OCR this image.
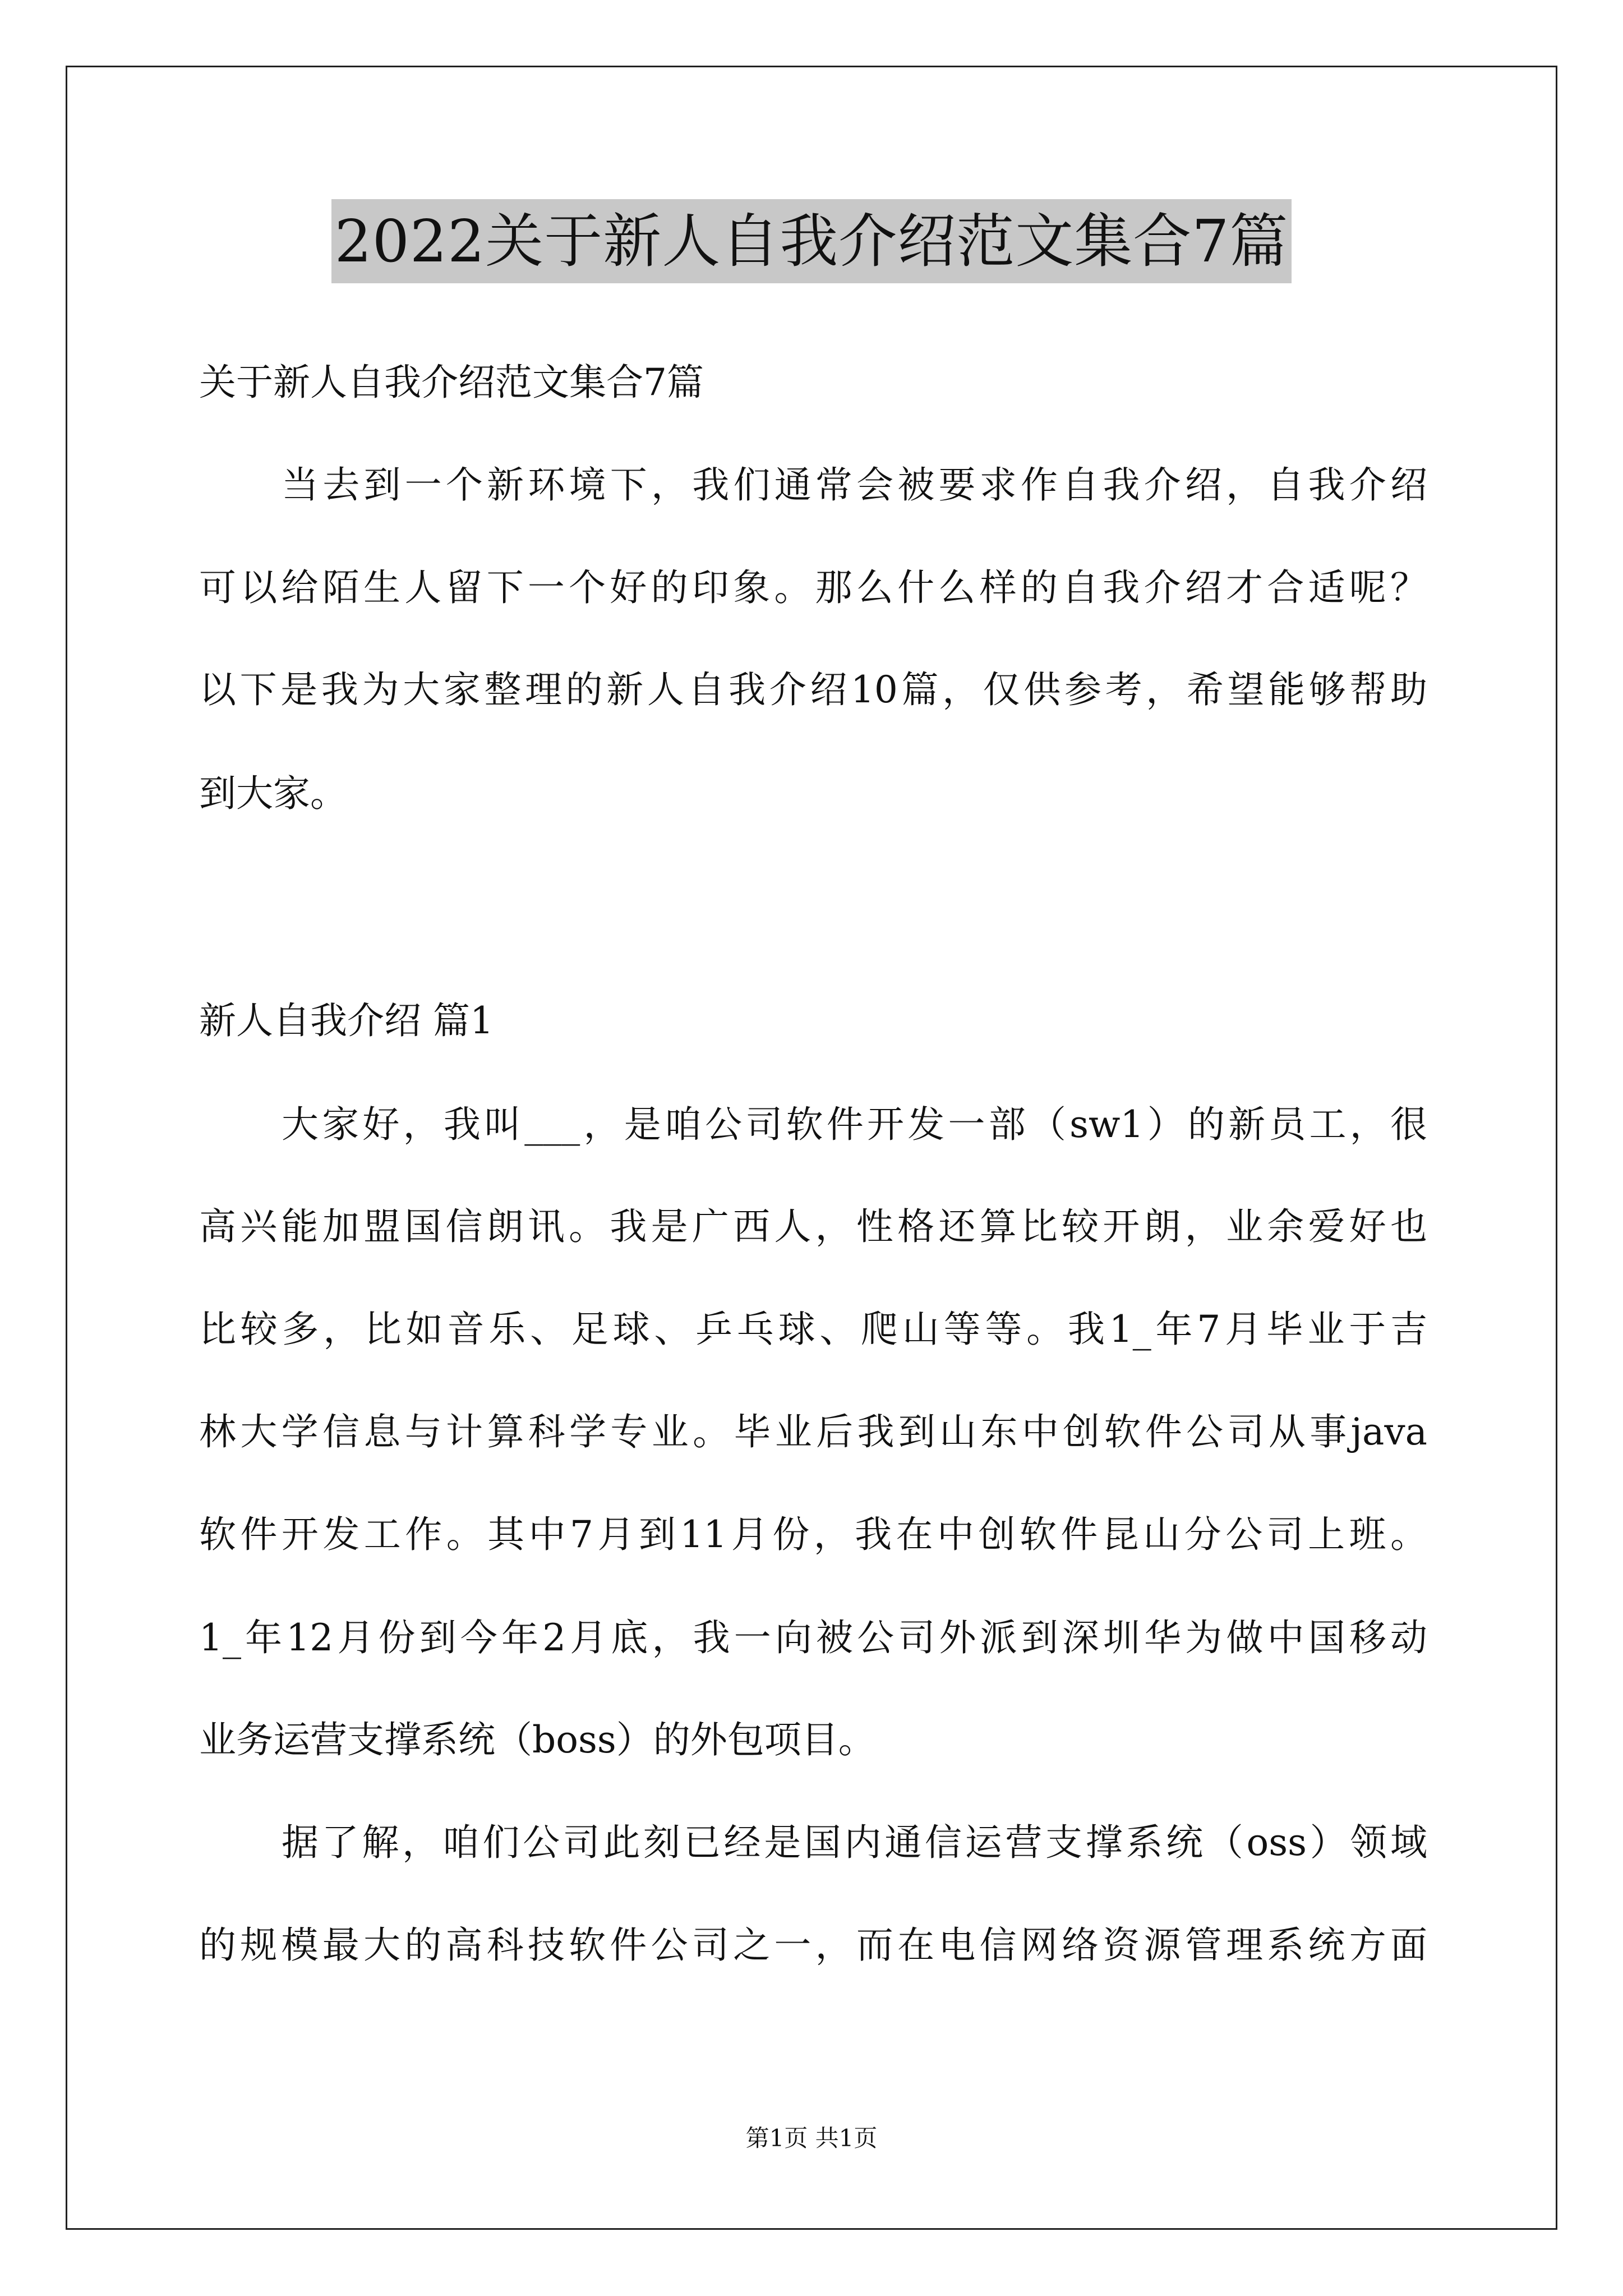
2022关于新人自我介绍范文集合7篇
关于新人自我介绍范文集合7篇
当去到一个新环境下，我们通常会被要求作自我介绍，自我介绍
可以给陌生人留下一个好的印象。那么什么样的自我介绍才合适呢？
以下是我为大家整理的新人自我介绍10篇，仅供参考，希望能够帮助
到大家。
新人自我介绍 篇1
大家好，我叫___，是咱公司软件开发一部（sw1）的新员工，很
高兴能加盟国信朗讯。我是广西人，性格还算比较开朗，业余爱好也
比较多，比如音乐、足球、乒乓球、爬山等等。我1_年7月毕业于吉
林大学信息与计算科学专业。毕业后我到山东中创软件公司从事java
软件开发工作。其中7月到11月份，我在中创软件昆山分公司上班。
1_年12月份到今年2月底，我一向被公司外派到深圳华为做中国移动
业务运营支撑系统（boss）的外包项目。
据了解，咱们公司此刻已经是国内通信运营支撑系统（oss）领域
的规模最大的高科技软件公司之一，而在电信网络资源管理系统方面
第1页 共1页
